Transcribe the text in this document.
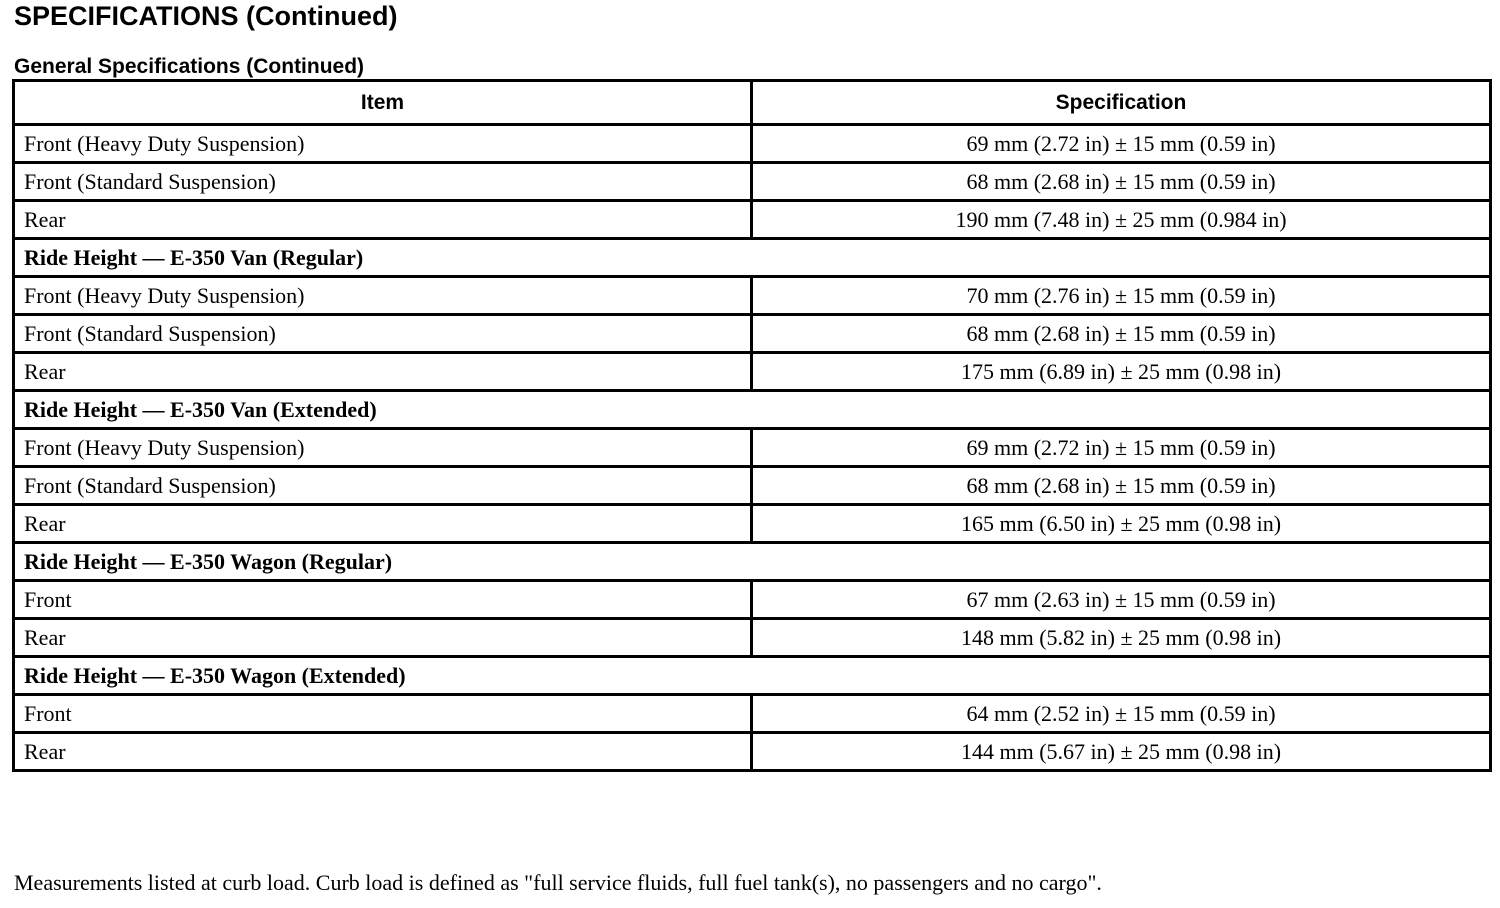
SPECIFICATIONS (Continued)
General Specifications (Continued)
Item	Specification
Front (Heavy Duty Suspension)	69 mm (2.72 in) ± 15 mm (0.59 in)
Front (Standard Suspension)	68 mm (2.68 in) ± 15 mm (0.59 in)
Rear	190 mm (7.48 in) ± 25 mm (0.984 in)
Ride Height — E-350 Van (Regular)	
Front (Heavy Duty Suspension)	70 mm (2.76 in) ± 15 mm (0.59 in)
Front (Standard Suspension)	68 mm (2.68 in) ± 15 mm (0.59 in)
Rear	175 mm (6.89 in) ± 25 mm (0.98 in)
Ride Height — E-350 Van (Extended)	
Front (Heavy Duty Suspension)	69 mm (2.72 in) ± 15 mm (0.59 in)
Front (Standard Suspension)	68 mm (2.68 in) ± 15 mm (0.59 in)
Rear	165 mm (6.50 in) ± 25 mm (0.98 in)
Ride Height — E-350 Wagon (Regular)	
Front	67 mm (2.63 in) ± 15 mm (0.59 in)
Rear	148 mm (5.82 in) ± 25 mm (0.98 in)
Ride Height — E-350 Wagon (Extended)	
Front	64 mm (2.52 in) ± 15 mm (0.59 in)
Rear	144 mm (5.67 in) ± 25 mm (0.98 in)
Measurements listed at curb load. Curb load is defined as "full service fluids, full fuel tank(s), no passengers and no cargo".
